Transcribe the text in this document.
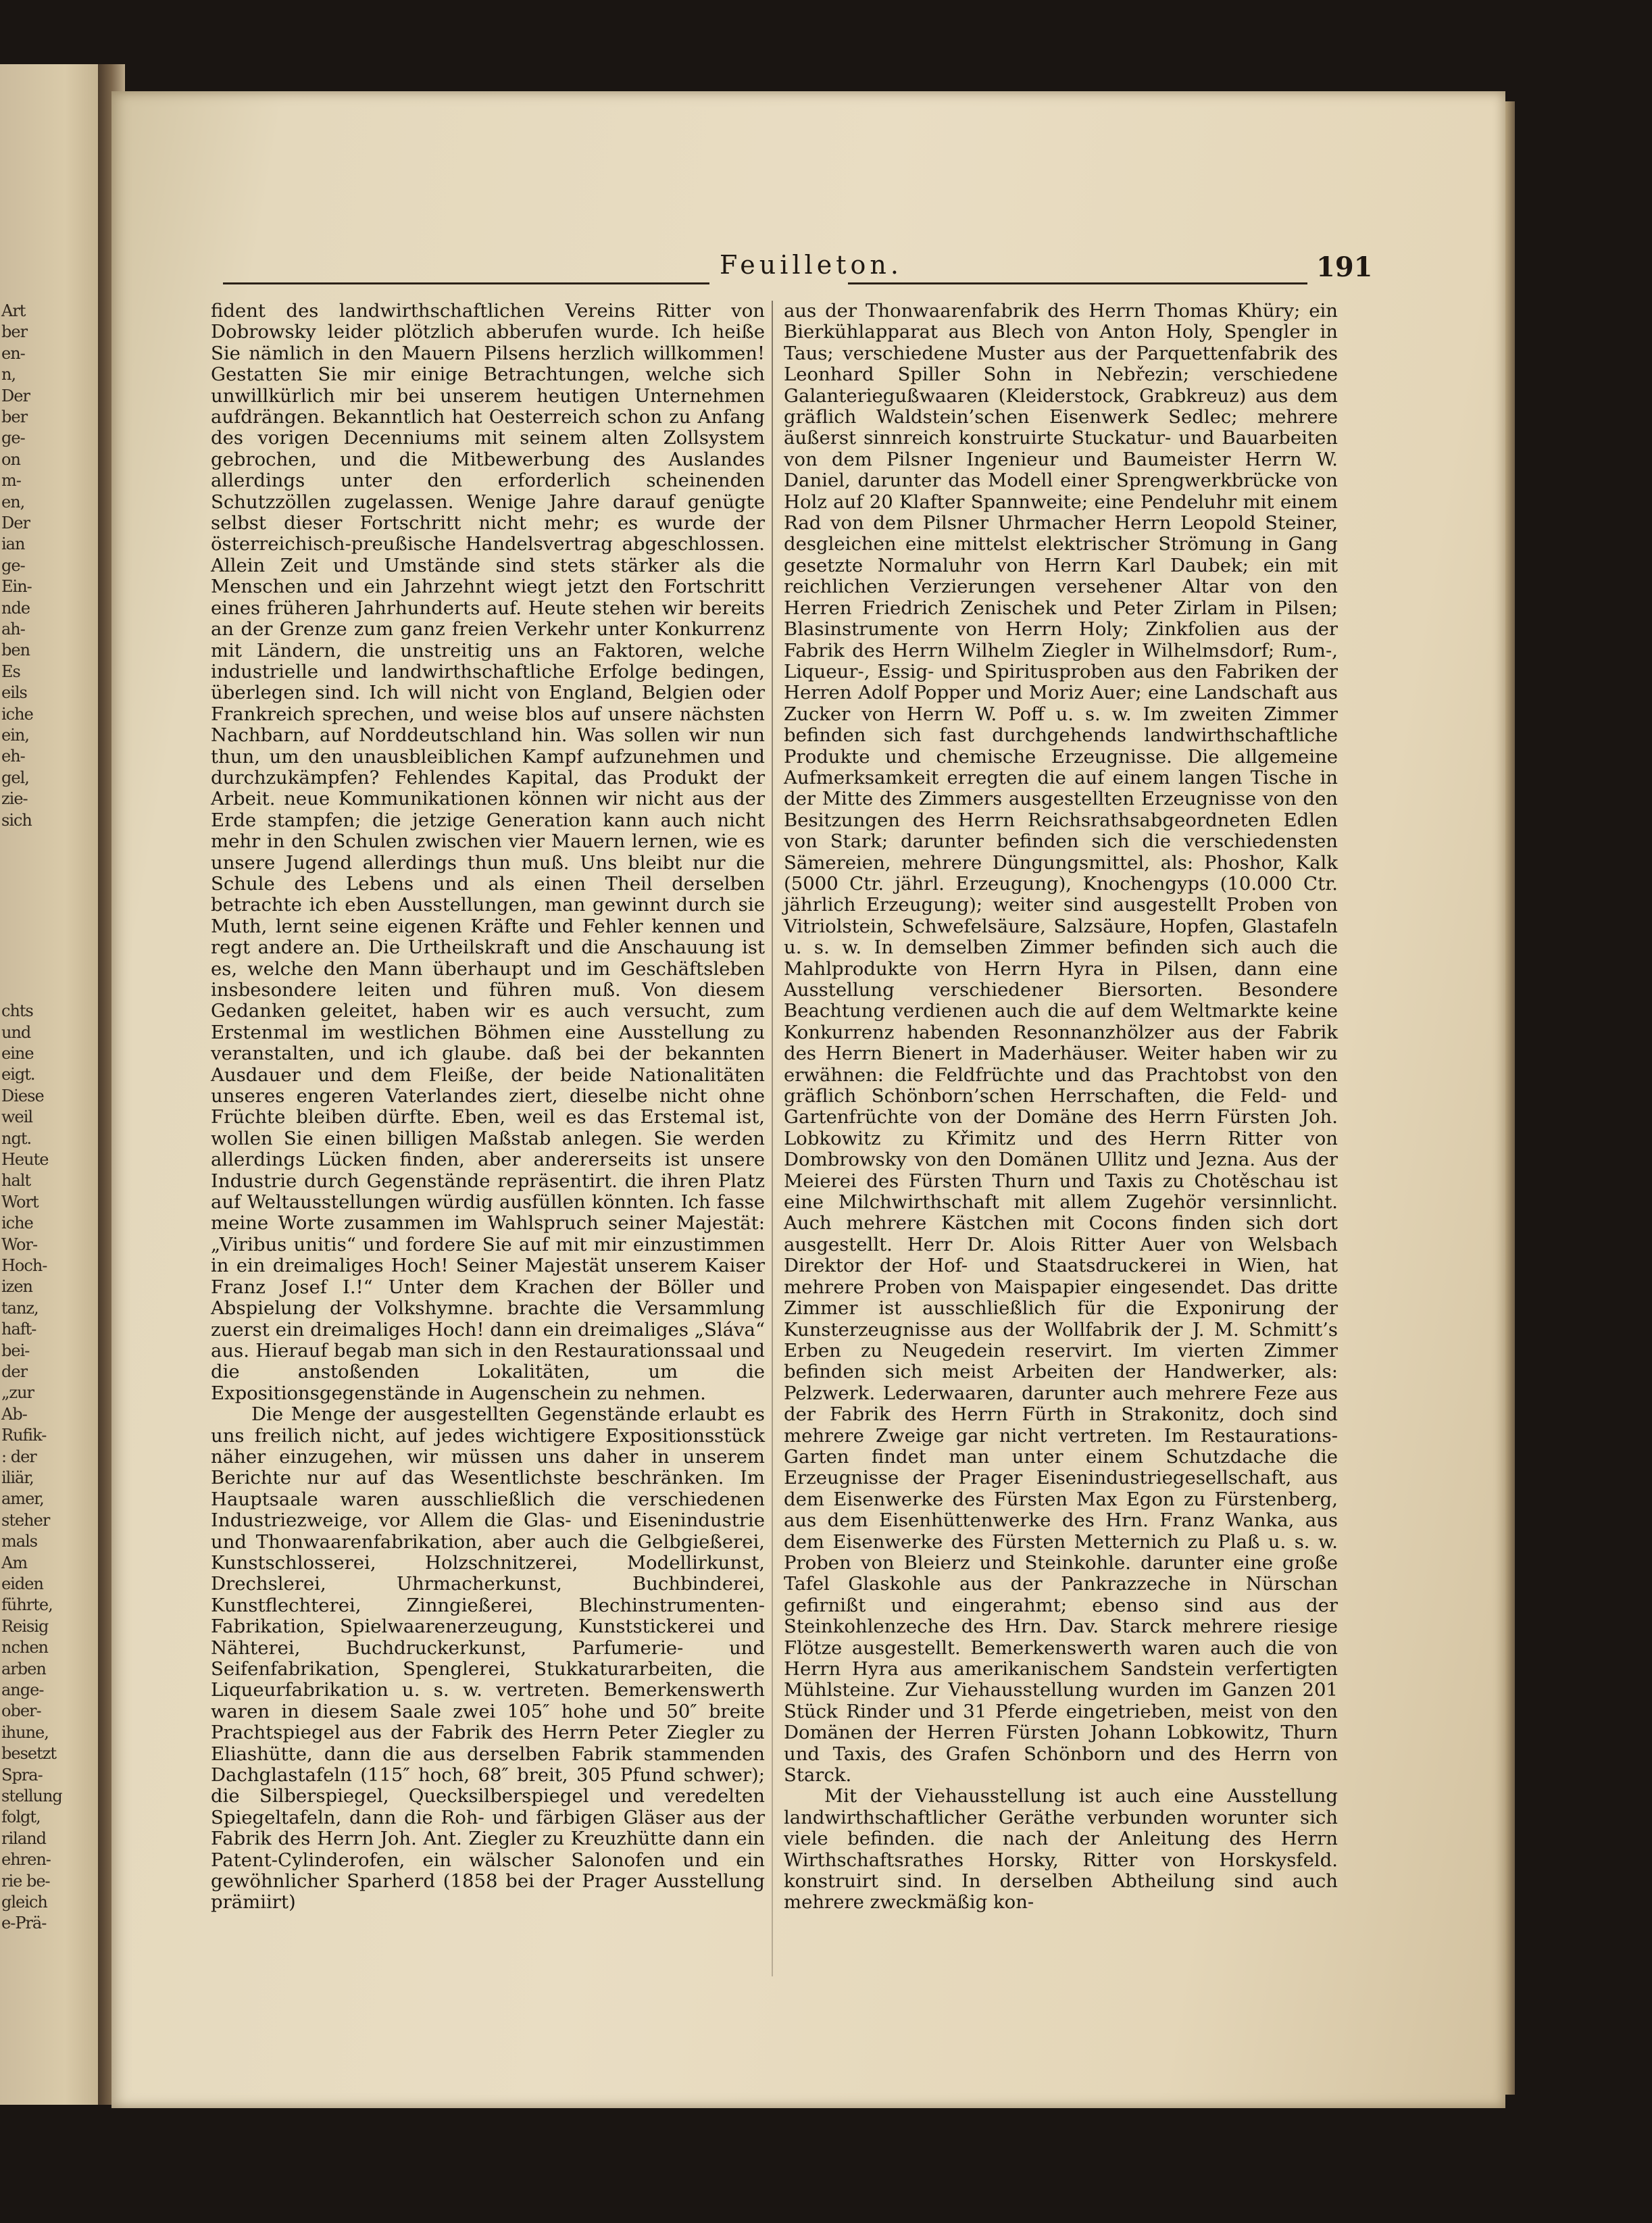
Art
ber
en-
n,
Der
ber
ge-
on
m-
en,
Der
ian
ge-
Ein-
nde
ah-
ben
Es
eils
iche
ein,
eh-
gel,
zie-
sich
chts
und
eine
eigt.
Diese
weil
ngt.
Heute
halt
Wort
iche
Wor-
Hoch-
izen
tanz,
haft-
bei-
der
„zur
Ab-
Rufik-
: der
iliär,
amer,
steher
mals
Am
eiden
führte,
Reisig
nchen
arben
ange-
ober-
ihune,
besetzt
Spra-
stellung
folgt,
riland
ehren-
rie be-
gleich
e-Prä-
Feuilleton.	191

fident des landwirthschaftlichen Vereins Ritter von Dobrowsky leider plötzlich abberufen wurde. Ich heiße Sie nämlich in den Mauern Pilsens herzlich willkommen! Gestatten Sie mir einige Betrachtungen, welche sich unwillkürlich mir bei unserem heutigen Unternehmen aufdrängen. Bekanntlich hat Oesterreich schon zu Anfang des vorigen Decenniums mit seinem alten Zollsystem gebrochen, und die Mitbewerbung des Auslandes allerdings unter den erforderlich scheinenden Schutzzöllen zugelassen. Wenige Jahre darauf genügte selbst dieser Fortschritt nicht mehr; es wurde der österreichisch-preußische Handelsvertrag abgeschlossen. Allein Zeit und Umstände sind stets stärker als die Menschen und ein Jahrzehnt wiegt jetzt den Fortschritt eines früheren Jahrhunderts auf. Heute stehen wir bereits an der Grenze zum ganz freien Verkehr unter Konkurrenz mit Ländern, die unstreitig uns an Faktoren, welche industrielle und landwirthschaftliche Erfolge bedingen, überlegen sind. Ich will nicht von England, Belgien oder Frankreich sprechen, und weise blos auf unsere nächsten Nachbarn, auf Norddeutschland hin. Was sollen wir nun thun, um den unausbleiblichen Kampf aufzunehmen und durchzukämpfen? Fehlendes Kapital, das Produkt der Arbeit. neue Kommunikationen können wir nicht aus der Erde stampfen; die jetzige Generation kann auch nicht mehr in den Schulen zwischen vier Mauern lernen, wie es unsere Jugend allerdings thun muß. Uns bleibt nur die Schule des Lebens und als einen Theil derselben betrachte ich eben Ausstellungen, man gewinnt durch sie Muth, lernt seine eigenen Kräfte und Fehler kennen und regt andere an. Die Urtheilskraft und die Anschauung ist es, welche den Mann überhaupt und im Geschäftsleben insbesondere leiten und führen muß. Von diesem Gedanken geleitet, haben wir es auch versucht, zum Erstenmal im westlichen Böhmen eine Ausstellung zu veranstalten, und ich glaube. daß bei der bekannten Ausdauer und dem Fleiße, der beide Nationalitäten unseres engeren Vaterlandes ziert, dieselbe nicht ohne Früchte bleiben dürfte. Eben, weil es das Erstemal ist, wollen Sie einen billigen Maßstab anlegen. Sie werden allerdings Lücken finden, aber andererseits ist unsere Industrie durch Gegenstände repräsentirt. die ihren Platz auf Weltausstellungen würdig ausfüllen könnten. Ich fasse meine Worte zusammen im Wahlspruch seiner Majestät: „Viribus unitis“ und fordere Sie auf mit mir einzustimmen in ein dreimaliges Hoch! Seiner Majestät unserem Kaiser Franz Josef I.!“ Unter dem Krachen der Böller und Abspielung der Volkshymne. brachte die Versammlung zuerst ein dreimaliges Hoch! dann ein dreimaliges „Sláva“ aus. Hierauf begab man sich in den Restaurationssaal und die anstoßenden Lokalitäten, um die Expositionsgegenstände in Augenschein zu nehmen.

Die Menge der ausgestellten Gegenstände erlaubt es uns freilich nicht, auf jedes wichtigere Expositionsstück näher einzugehen, wir müssen uns daher in unserem Berichte nur auf das Wesentlichste beschränken. Im Hauptsaale waren ausschließlich die verschiedenen Industriezweige, vor Allem die Glas- und Eisenindustrie und Thonwaarenfabrikation, aber auch die Gelbgießerei, Kunstschlosserei, Holzschnitzerei, Modellirkunst, Drechslerei, Uhrmacherkunst, Buchbinderei, Kunstflechterei, Zinngießerei, Blechinstrumenten-Fabrikation, Spielwaarenerzeugung, Kunststickerei und Nähterei, Buchdruckerkunst, Parfumerie- und Seifenfabrikation, Spenglerei, Stukkaturarbeiten, die Liqueurfabrikation u. s. w. vertreten. Bemerkenswerth waren in diesem Saale zwei 105″ hohe und 50″ breite Prachtspiegel aus der Fabrik des Herrn Peter Ziegler zu Eliashütte, dann die aus derselben Fabrik stammenden Dachglastafeln (115″ hoch, 68″ breit, 305 Pfund schwer); die Silberspiegel, Quecksilberspiegel und veredelten Spiegeltafeln, dann die Roh- und färbigen Gläser aus der Fabrik des Herrn Joh. Ant. Ziegler zu Kreuzhütte dann ein Patent-Cylinderofen, ein wälscher Salonofen und ein gewöhnlicher Sparherd (1858 bei der Prager Ausstellung prämiirt)

aus der Thonwaarenfabrik des Herrn Thomas Khüry; ein Bierkühlapparat aus Blech von Anton Holy, Spengler in Taus; verschiedene Muster aus der Parquettenfabrik des Leonhard Spiller Sohn in Nebřezin; verschiedene Galanteriegußwaaren (Kleiderstock, Grabkreuz) aus dem gräflich Waldstein’schen Eisenwerk Sedlec; mehrere äußerst sinnreich konstruirte Stuckatur- und Bauarbeiten von dem Pilsner Ingenieur und Baumeister Herrn W. Daniel, darunter das Modell einer Sprengwerkbrücke von Holz auf 20 Klafter Spannweite; eine Pendeluhr mit einem Rad von dem Pilsner Uhrmacher Herrn Leopold Steiner, desgleichen eine mittelst elektrischer Strömung in Gang gesetzte Normaluhr von Herrn Karl Daubek; ein mit reichlichen Verzierungen versehener Altar von den Herren Friedrich Zenischek und Peter Zirlam in Pilsen; Blasinstrumente von Herrn Holy; Zinkfolien aus der Fabrik des Herrn Wilhelm Ziegler in Wilhelmsdorf; Rum-, Liqueur-, Essig- und Spiritusproben aus den Fabriken der Herren Adolf Popper und Moriz Auer; eine Landschaft aus Zucker von Herrn W. Poff u. s. w. Im zweiten Zimmer befinden sich fast durchgehends landwirthschaftliche Produkte und chemische Erzeugnisse. Die allgemeine Aufmerksamkeit erregten die auf einem langen Tische in der Mitte des Zimmers ausgestellten Erzeugnisse von den Besitzungen des Herrn Reichsrathsabgeordneten Edlen von Stark; darunter befinden sich die verschiedensten Sämereien, mehrere Düngungsmittel, als: Phoshor, Kalk (5000 Ctr. jährl. Erzeugung), Knochengyps (10.000 Ctr. jährlich Erzeugung); weiter sind ausgestellt Proben von Vitriolstein, Schwefelsäure, Salzsäure, Hopfen, Glastafeln u. s. w. In demselben Zimmer befinden sich auch die Mahlprodukte von Herrn Hyra in Pilsen, dann eine Ausstellung verschiedener Biersorten. Besondere Beachtung verdienen auch die auf dem Weltmarkte keine Konkurrenz habenden Resonnanzhölzer aus der Fabrik des Herrn Bienert in Maderhäuser. Weiter haben wir zu erwähnen: die Feldfrüchte und das Prachtobst von den gräflich Schönborn’schen Herrschaften, die Feld- und Gartenfrüchte von der Domäne des Herrn Fürsten Joh. Lobkowitz zu Křimitz und des Herrn Ritter von Dombrowsky von den Domänen Ullitz und Jezna. Aus der Meierei des Fürsten Thurn und Taxis zu Chotěschau ist eine Milchwirthschaft mit allem Zugehör versinnlicht. Auch mehrere Kästchen mit Cocons finden sich dort ausgestellt. Herr Dr. Alois Ritter Auer von Welsbach Direktor der Hof- und Staatsdruckerei in Wien, hat mehrere Proben von Maispapier eingesendet. Das dritte Zimmer ist ausschließlich für die Exponirung der Kunsterzeugnisse aus der Wollfabrik der J. M. Schmitt’s Erben zu Neugedein reservirt. Im vierten Zimmer befinden sich meist Arbeiten der Handwerker, als: Pelzwerk. Lederwaaren, darunter auch mehrere Feze aus der Fabrik des Herrn Fürth in Strakonitz, doch sind mehrere Zweige gar nicht vertreten. Im Restaurations-Garten findet man unter einem Schutzdache die Erzeugnisse der Prager Eisenindustriegesellschaft, aus dem Eisenwerke des Fürsten Max Egon zu Fürstenberg, aus dem Eisenhüttenwerke des Hrn. Franz Wanka, aus dem Eisenwerke des Fürsten Metternich zu Plaß u. s. w. Proben von Bleierz und Steinkohle. darunter eine große Tafel Glaskohle aus der Pankrazzeche in Nürschan gefirnißt und eingerahmt; ebenso sind aus der Steinkohlenzeche des Hrn. Dav. Starck mehrere riesige Flötze ausgestellt. Bemerkenswerth waren auch die von Herrn Hyra aus amerikanischem Sandstein verfertigten Mühlsteine. Zur Viehausstellung wurden im Ganzen 201 Stück Rinder und 31 Pferde eingetrieben, meist von den Domänen der Herren Fürsten Johann Lobkowitz, Thurn und Taxis, des Grafen Schönborn und des Herrn von Starck.

Mit der Viehausstellung ist auch eine Ausstellung landwirthschaftlicher Geräthe verbunden worunter sich viele befinden. die nach der Anleitung des Herrn Wirthschaftsrathes Horsky, Ritter von Horskysfeld. konstruirt sind. In derselben Abtheilung sind auch mehrere zweckmäßig kon-
